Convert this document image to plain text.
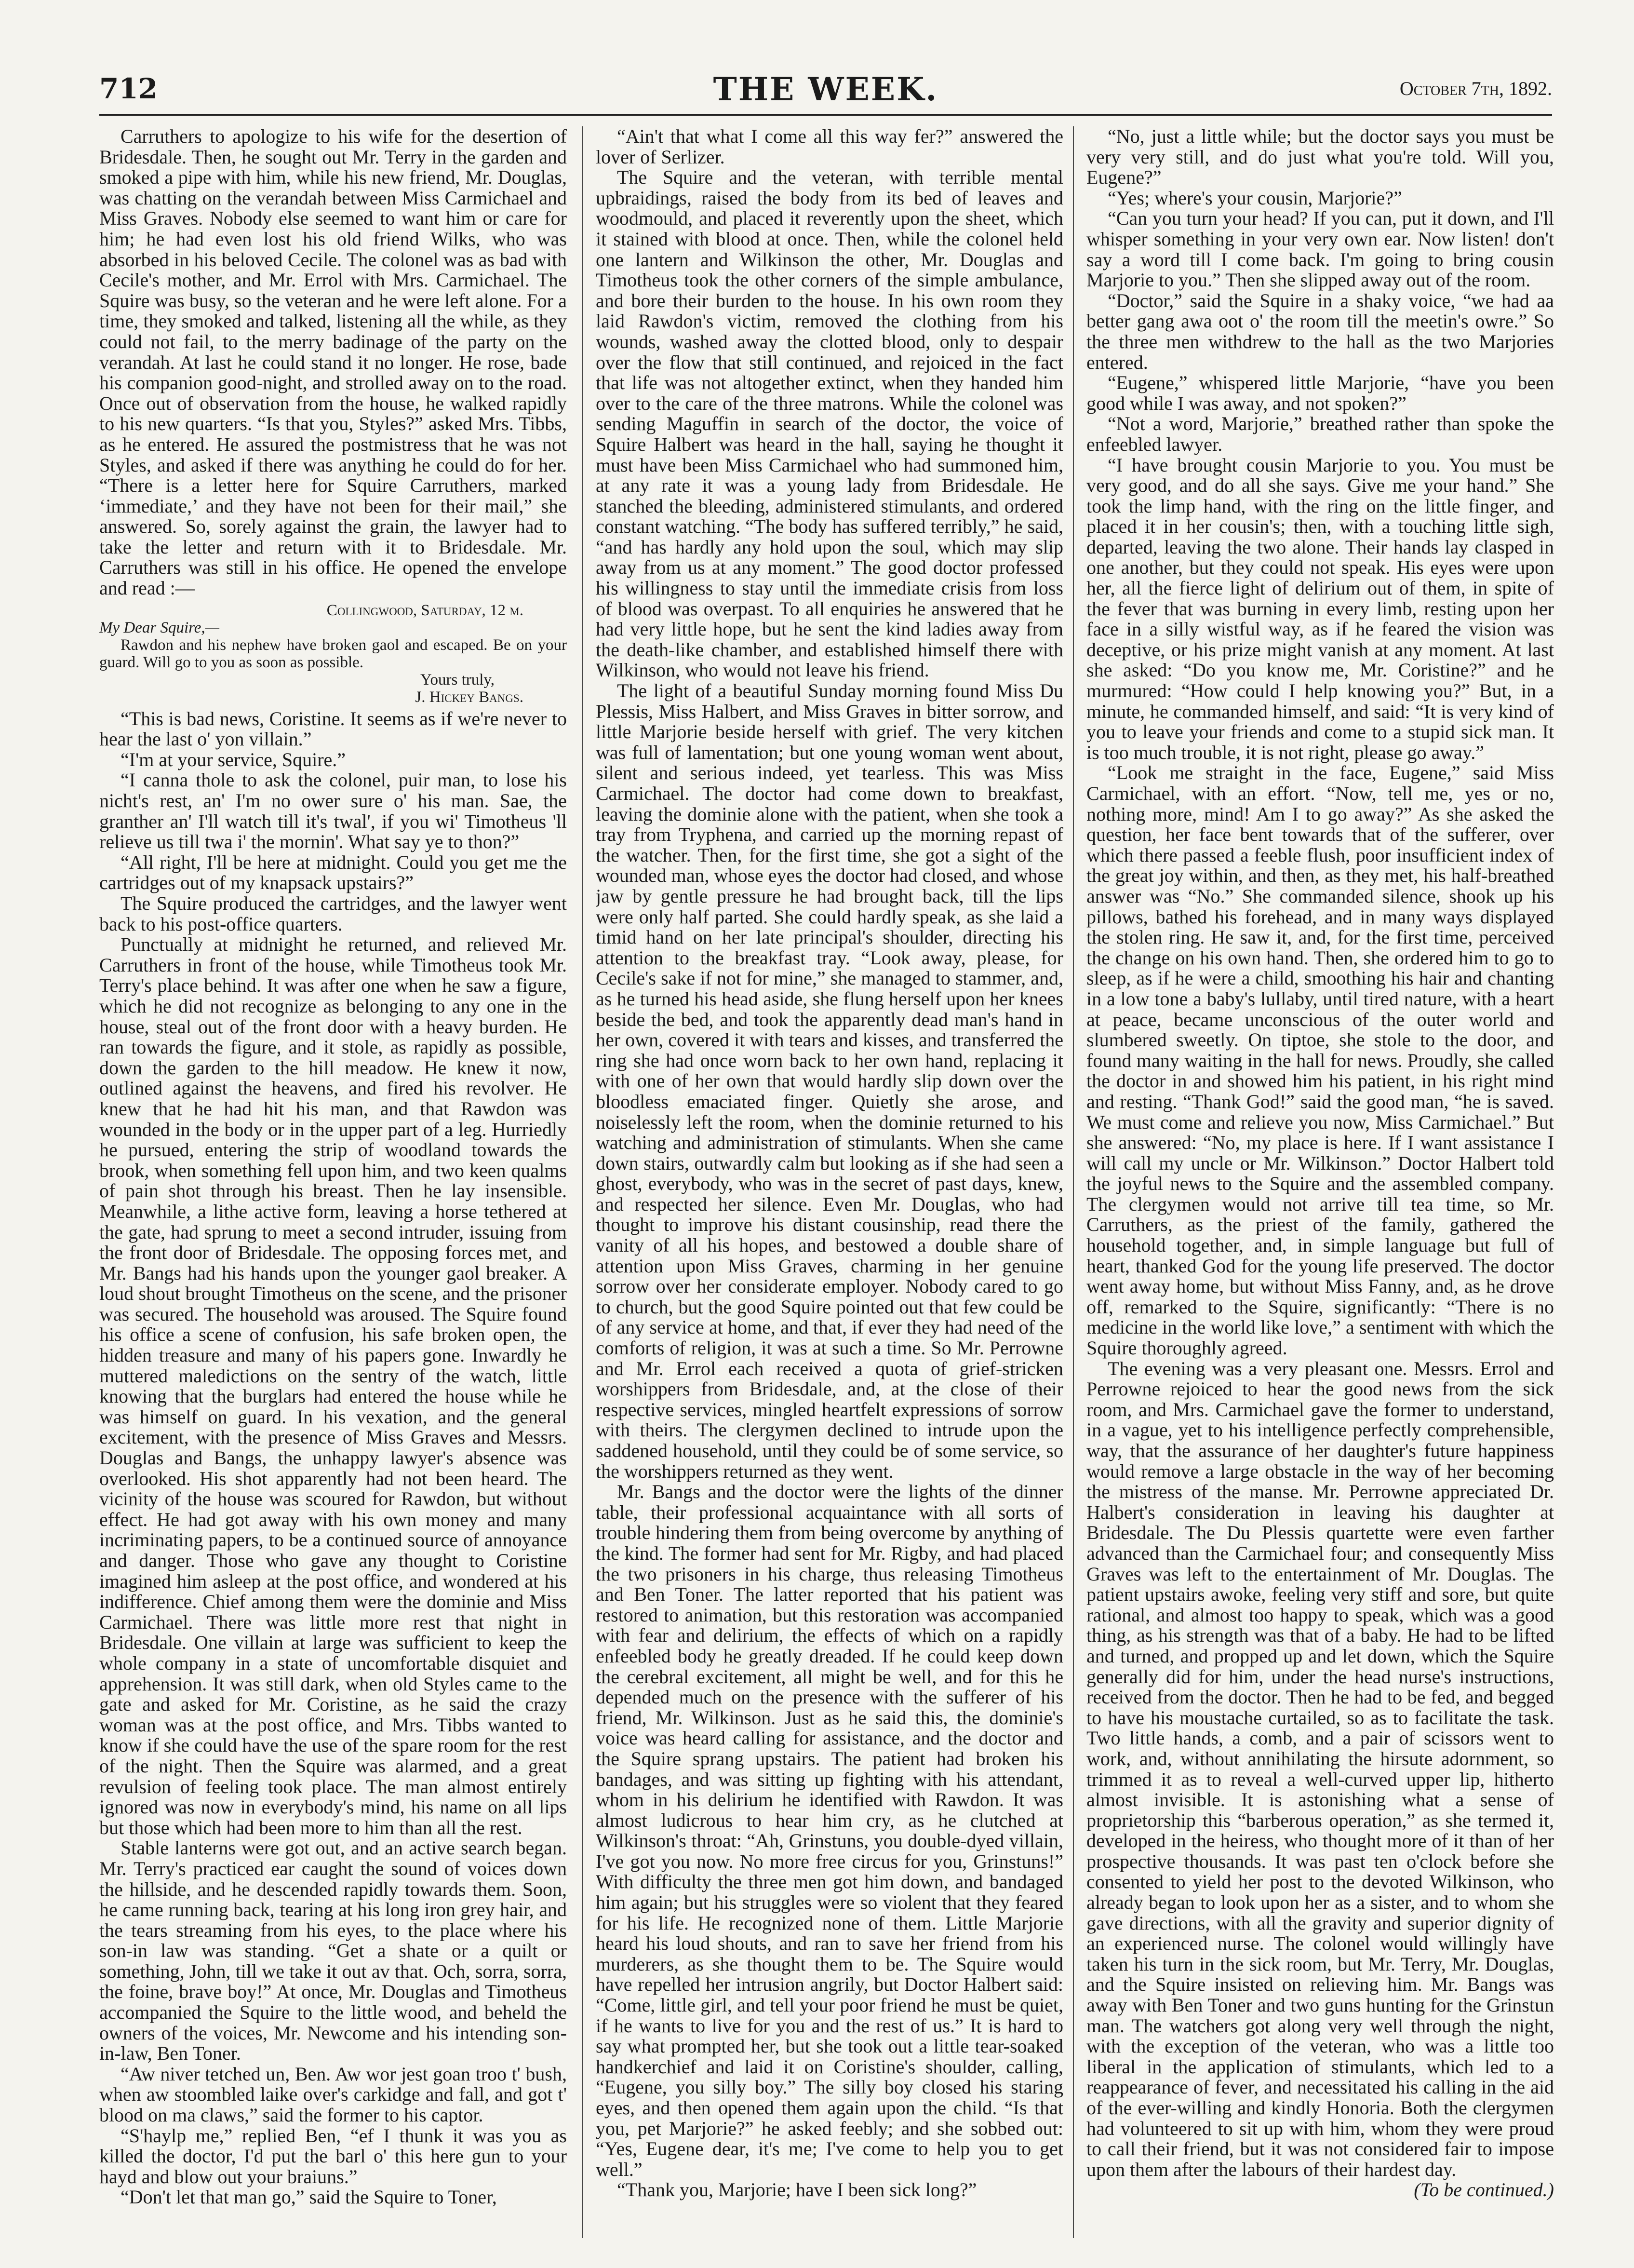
712	THE WEEK.	October 7th, 1892.

Carruthers to apologize to his wife for the desertion of Bridesdale. Then, he sought out Mr. Terry in the garden and smoked a pipe with him, while his new friend, Mr. Douglas, was chatting on the verandah between Miss Carmichael and Miss Graves. Nobody else seemed to want him or care for him; he had even lost his old friend Wilks, who was absorbed in his beloved Cecile. The colonel was as bad with Cecile's mother, and Mr. Errol with Mrs. Carmichael. The Squire was busy, so the veteran and he were left alone. For a time, they smoked and talked, listening all the while, as they could not fail, to the merry badinage of the party on the verandah. At last he could stand it no longer. He rose, bade his companion good-night, and strolled away on to the road. Once out of observation from the house, he walked rapidly to his new quarters. “Is that you, Styles?” asked Mrs. Tibbs, as he entered. He assured the postmistress that he was not Styles, and asked if there was anything he could do for her. “There is a letter here for Squire Carruthers, marked ‘immediate,’ and they have not been for their mail,” she answered. So, sorely against the grain, the lawyer had to take the letter and return with it to Bridesdale. Mr. Carruthers was still in his office. He opened the envelope and read :—

Collingwood, Saturday, 12 m.
My Dear Squire,—
Rawdon and his nephew have broken gaol and escaped. Be on your guard. Will go to you as soon as possible.
Yours truly,
J. Hickey Bangs.

“This is bad news, Coristine. It seems as if we're never to hear the last o' yon villain.”

“I'm at your service, Squire.”

“I canna thole to ask the colonel, puir man, to lose his nicht's rest, an' I'm no ower sure o' his man. Sae, the granther an' I'll watch till it's twal', if you wi' Timotheus 'll relieve us till twa i' the mornin'. What say ye to thon?”

“All right, I'll be here at midnight. Could you get me the cartridges out of my knapsack upstairs?”

The Squire produced the cartridges, and the lawyer went back to his post-office quarters.

Punctually at midnight he returned, and relieved Mr. Carruthers in front of the house, while Timotheus took Mr. Terry's place behind. It was after one when he saw a figure, which he did not recognize as belonging to any one in the house, steal out of the front door with a heavy burden. He ran towards the figure, and it stole, as rapidly as possible, down the garden to the hill meadow. He knew it now, outlined against the heavens, and fired his revolver. He knew that he had hit his man, and that Rawdon was wounded in the body or in the upper part of a leg. Hurriedly he pursued, entering the strip of woodland towards the brook, when something fell upon him, and two keen qualms of pain shot through his breast. Then he lay insensible. Meanwhile, a lithe active form, leaving a horse tethered at the gate, had sprung to meet a second intruder, issuing from the front door of Bridesdale. The opposing forces met, and Mr. Bangs had his hands upon the younger gaol breaker. A loud shout brought Timotheus on the scene, and the prisoner was secured. The household was aroused. The Squire found his office a scene of confusion, his safe broken open, the hidden treasure and many of his papers gone. Inwardly he muttered maledictions on the sentry of the watch, little knowing that the burglars had entered the house while he was himself on guard. In his vexation, and the general excitement, with the presence of Miss Graves and Messrs. Douglas and Bangs, the unhappy lawyer's absence was overlooked. His shot apparently had not been heard. The vicinity of the house was scoured for Rawdon, but without effect. He had got away with his own money and many incriminating papers, to be a continued source of annoyance and danger. Those who gave any thought to Coristine imagined him asleep at the post office, and wondered at his indifference. Chief among them were the dominie and Miss Carmichael. There was little more rest that night in Bridesdale. One villain at large was sufficient to keep the whole company in a state of uncomfortable disquiet and apprehension. It was still dark, when old Styles came to the gate and asked for Mr. Coristine, as he said the crazy woman was at the post office, and Mrs. Tibbs wanted to know if she could have the use of the spare room for the rest of the night. Then the Squire was alarmed, and a great revulsion of feeling took place. The man almost entirely ignored was now in everybody's mind, his name on all lips but those which had been more to him than all the rest.

Stable lanterns were got out, and an active search began. Mr. Terry's practiced ear caught the sound of voices down the hillside, and he descended rapidly towards them. Soon, he came running back, tearing at his long iron grey hair, and the tears streaming from his eyes, to the place where his son-in law was standing. “Get a shate or a quilt or something, John, till we take it out av that. Och, sorra, sorra, the foine, brave boy!” At once, Mr. Douglas and Timotheus accompanied the Squire to the little wood, and beheld the owners of the voices, Mr. Newcome and his intending son-in-law, Ben Toner.

“Aw niver tetched un, Ben. Aw wor jest goan troo t' bush, when aw stoombled laike over's carkidge and fall, and got t' blood on ma claws,” said the former to his captor.

“S'haylp me,” replied Ben, “ef I thunk it was you as killed the doctor, I'd put the barl o' this here gun to your hayd and blow out your braiuns.”

“Don't let that man go,” said the Squire to Toner,

“Ain't that what I come all this way fer?” answered the lover of Serlizer.

The Squire and the veteran, with terrible mental upbraidings, raised the body from its bed of leaves and woodmould, and placed it reverently upon the sheet, which it stained with blood at once. Then, while the colonel held one lantern and Wilkinson the other, Mr. Douglas and Timotheus took the other corners of the simple ambulance, and bore their burden to the house. In his own room they laid Rawdon's victim, removed the clothing from his wounds, washed away the clotted blood, only to despair over the flow that still continued, and rejoiced in the fact that life was not altogether extinct, when they handed him over to the care of the three matrons. While the colonel was sending Maguffin in search of the doctor, the voice of Squire Halbert was heard in the hall, saying he thought it must have been Miss Carmichael who had summoned him, at any rate it was a young lady from Bridesdale. He stanched the bleeding, administered stimulants, and ordered constant watching. “The body has suffered terribly,” he said, “and has hardly any hold upon the soul, which may slip away from us at any moment.” The good doctor professed his willingness to stay until the immediate crisis from loss of blood was overpast. To all enquiries he answered that he had very little hope, but he sent the kind ladies away from the death-like chamber, and established himself there with Wilkinson, who would not leave his friend.

The light of a beautiful Sunday morning found Miss Du Plessis, Miss Halbert, and Miss Graves in bitter sorrow, and little Marjorie beside herself with grief. The very kitchen was full of lamentation; but one young woman went about, silent and serious indeed, yet tearless. This was Miss Carmichael. The doctor had come down to breakfast, leaving the dominie alone with the patient, when she took a tray from Tryphena, and carried up the morning repast of the watcher. Then, for the first time, she got a sight of the wounded man, whose eyes the doctor had closed, and whose jaw by gentle pressure he had brought back, till the lips were only half parted. She could hardly speak, as she laid a timid hand on her late principal's shoulder, directing his attention to the breakfast tray. “Look away, please, for Cecile's sake if not for mine,” she managed to stammer, and, as he turned his head aside, she flung herself upon her knees beside the bed, and took the apparently dead man's hand in her own, covered it with tears and kisses, and transferred the ring she had once worn back to her own hand, replacing it with one of her own that would hardly slip down over the bloodless emaciated finger. Quietly she arose, and noiselessly left the room, when the dominie returned to his watching and administration of stimulants. When she came down stairs, outwardly calm but looking as if she had seen a ghost, everybody, who was in the secret of past days, knew, and respected her silence. Even Mr. Douglas, who had thought to improve his distant cousinship, read there the vanity of all his hopes, and bestowed a double share of attention upon Miss Graves, charming in her genuine sorrow over her considerate employer. Nobody cared to go to church, but the good Squire pointed out that few could be of any service at home, and that, if ever they had need of the comforts of religion, it was at such a time. So Mr. Perrowne and Mr. Errol each received a quota of grief-stricken worshippers from Bridesdale, and, at the close of their respective services, mingled heartfelt expressions of sorrow with theirs. The clergymen declined to intrude upon the saddened household, until they could be of some service, so the worshippers returned as they went.

Mr. Bangs and the doctor were the lights of the dinner table, their professional acquaintance with all sorts of trouble hindering them from being overcome by anything of the kind. The former had sent for Mr. Rigby, and had placed the two prisoners in his charge, thus releasing Timotheus and Ben Toner. The latter reported that his patient was restored to animation, but this restoration was accompanied with fear and delirium, the effects of which on a rapidly enfeebled body he greatly dreaded. If he could keep down the cerebral excitement, all might be well, and for this he depended much on the presence with the sufferer of his friend, Mr. Wilkinson. Just as he said this, the dominie's voice was heard calling for assistance, and the doctor and the Squire sprang upstairs. The patient had broken his bandages, and was sitting up fighting with his attendant, whom in his delirium he identified with Rawdon. It was almost ludicrous to hear him cry, as he clutched at Wilkinson's throat: “Ah, Grinstuns, you double-dyed villain, I've got you now. No more free circus for you, Grinstuns!” With difficulty the three men got him down, and bandaged him again; but his struggles were so violent that they feared for his life. He recognized none of them. Little Marjorie heard his loud shouts, and ran to save her friend from his murderers, as she thought them to be. The Squire would have repelled her intrusion angrily, but Doctor Halbert said: “Come, little girl, and tell your poor friend he must be quiet, if he wants to live for you and the rest of us.” It is hard to say what prompted her, but she took out a little tear-soaked handkerchief and laid it on Coristine's shoulder, calling, “Eugene, you silly boy.” The silly boy closed his staring eyes, and then opened them again upon the child. “Is that you, pet Marjorie?” he asked feebly; and she sobbed out: “Yes, Eugene dear, it's me; I've come to help you to get well.”

“Thank you, Marjorie; have I been sick long?”

“No, just a little while; but the doctor says you must be very very still, and do just what you're told. Will you, Eugene?”

“Yes; where's your cousin, Marjorie?”

“Can you turn your head? If you can, put it down, and I'll whisper something in your very own ear. Now listen! don't say a word till I come back. I'm going to bring cousin Marjorie to you.” Then she slipped away out of the room.

“Doctor,” said the Squire in a shaky voice, “we had aa better gang awa oot o' the room till the meetin's owre.” So the three men withdrew to the hall as the two Marjories entered.

“Eugene,” whispered little Marjorie, “have you been good while I was away, and not spoken?”

“Not a word, Marjorie,” breathed rather than spoke the enfeebled lawyer.

“I have brought cousin Marjorie to you. You must be very good, and do all she says. Give me your hand.” She took the limp hand, with the ring on the little finger, and placed it in her cousin's; then, with a touching little sigh, departed, leaving the two alone. Their hands lay clasped in one another, but they could not speak. His eyes were upon her, all the fierce light of delirium out of them, in spite of the fever that was burning in every limb, resting upon her face in a silly wistful way, as if he feared the vision was deceptive, or his prize might vanish at any moment. At last she asked: “Do you know me, Mr. Coristine?” and he murmured: “How could I help knowing you?” But, in a minute, he commanded himself, and said: “It is very kind of you to leave your friends and come to a stupid sick man. It is too much trouble, it is not right, please go away.”

“Look me straight in the face, Eugene,” said Miss Carmichael, with an effort. “Now, tell me, yes or no, nothing more, mind! Am I to go away?” As she asked the question, her face bent towards that of the sufferer, over which there passed a feeble flush, poor insufficient index of the great joy within, and then, as they met, his half-breathed answer was “No.” She commanded silence, shook up his pillows, bathed his forehead, and in many ways displayed the stolen ring. He saw it, and, for the first time, perceived the change on his own hand. Then, she ordered him to go to sleep, as if he were a child, smoothing his hair and chanting in a low tone a baby's lullaby, until tired nature, with a heart at peace, became unconscious of the outer world and slumbered sweetly. On tiptoe, she stole to the door, and found many waiting in the hall for news. Proudly, she called the doctor in and showed him his patient, in his right mind and resting. “Thank God!” said the good man, “he is saved. We must come and relieve you now, Miss Carmichael.” But she answered: “No, my place is here. If I want assistance I will call my uncle or Mr. Wilkinson.” Doctor Halbert told the joyful news to the Squire and the assembled company. The clergymen would not arrive till tea time, so Mr. Carruthers, as the priest of the family, gathered the household together, and, in simple language but full of heart, thanked God for the young life preserved. The doctor went away home, but without Miss Fanny, and, as he drove off, remarked to the Squire, significantly: “There is no medicine in the world like love,” a sentiment with which the Squire thoroughly agreed.

The evening was a very pleasant one. Messrs. Errol and Perrowne rejoiced to hear the good news from the sick room, and Mrs. Carmichael gave the former to understand, in a vague, yet to his intelligence perfectly comprehensible, way, that the assurance of her daughter's future happiness would remove a large obstacle in the way of her becoming the mistress of the manse. Mr. Perrowne appreciated Dr. Halbert's consideration in leaving his daughter at Bridesdale. The Du Plessis quartette were even farther advanced than the Carmichael four; and consequently Miss Graves was left to the entertainment of Mr. Douglas. The patient upstairs awoke, feeling very stiff and sore, but quite rational, and almost too happy to speak, which was a good thing, as his strength was that of a baby. He had to be lifted and turned, and propped up and let down, which the Squire generally did for him, under the head nurse's instructions, received from the doctor. Then he had to be fed, and begged to have his moustache curtailed, so as to facilitate the task. Two little hands, a comb, and a pair of scissors went to work, and, without annihilating the hirsute adornment, so trimmed it as to reveal a well-curved upper lip, hitherto almost invisible. It is astonishing what a sense of proprietorship this “barberous operation,” as she termed it, developed in the heiress, who thought more of it than of her prospective thousands. It was past ten o'clock before she consented to yield her post to the devoted Wilkinson, who already began to look upon her as a sister, and to whom she gave directions, with all the gravity and superior dignity of an experienced nurse. The colonel would willingly have taken his turn in the sick room, but Mr. Terry, Mr. Douglas, and the Squire insisted on relieving him. Mr. Bangs was away with Ben Toner and two guns hunting for the Grinstun man. The watchers got along very well through the night, with the exception of the veteran, who was a little too liberal in the application of stimulants, which led to a reappearance of fever, and necessitated his calling in the aid of the ever-willing and kindly Honoria. Both the clergymen had volunteered to sit up with him, whom they were proud to call their friend, but it was not considered fair to impose upon them after the labours of their hardest day.

(To be continued.)
